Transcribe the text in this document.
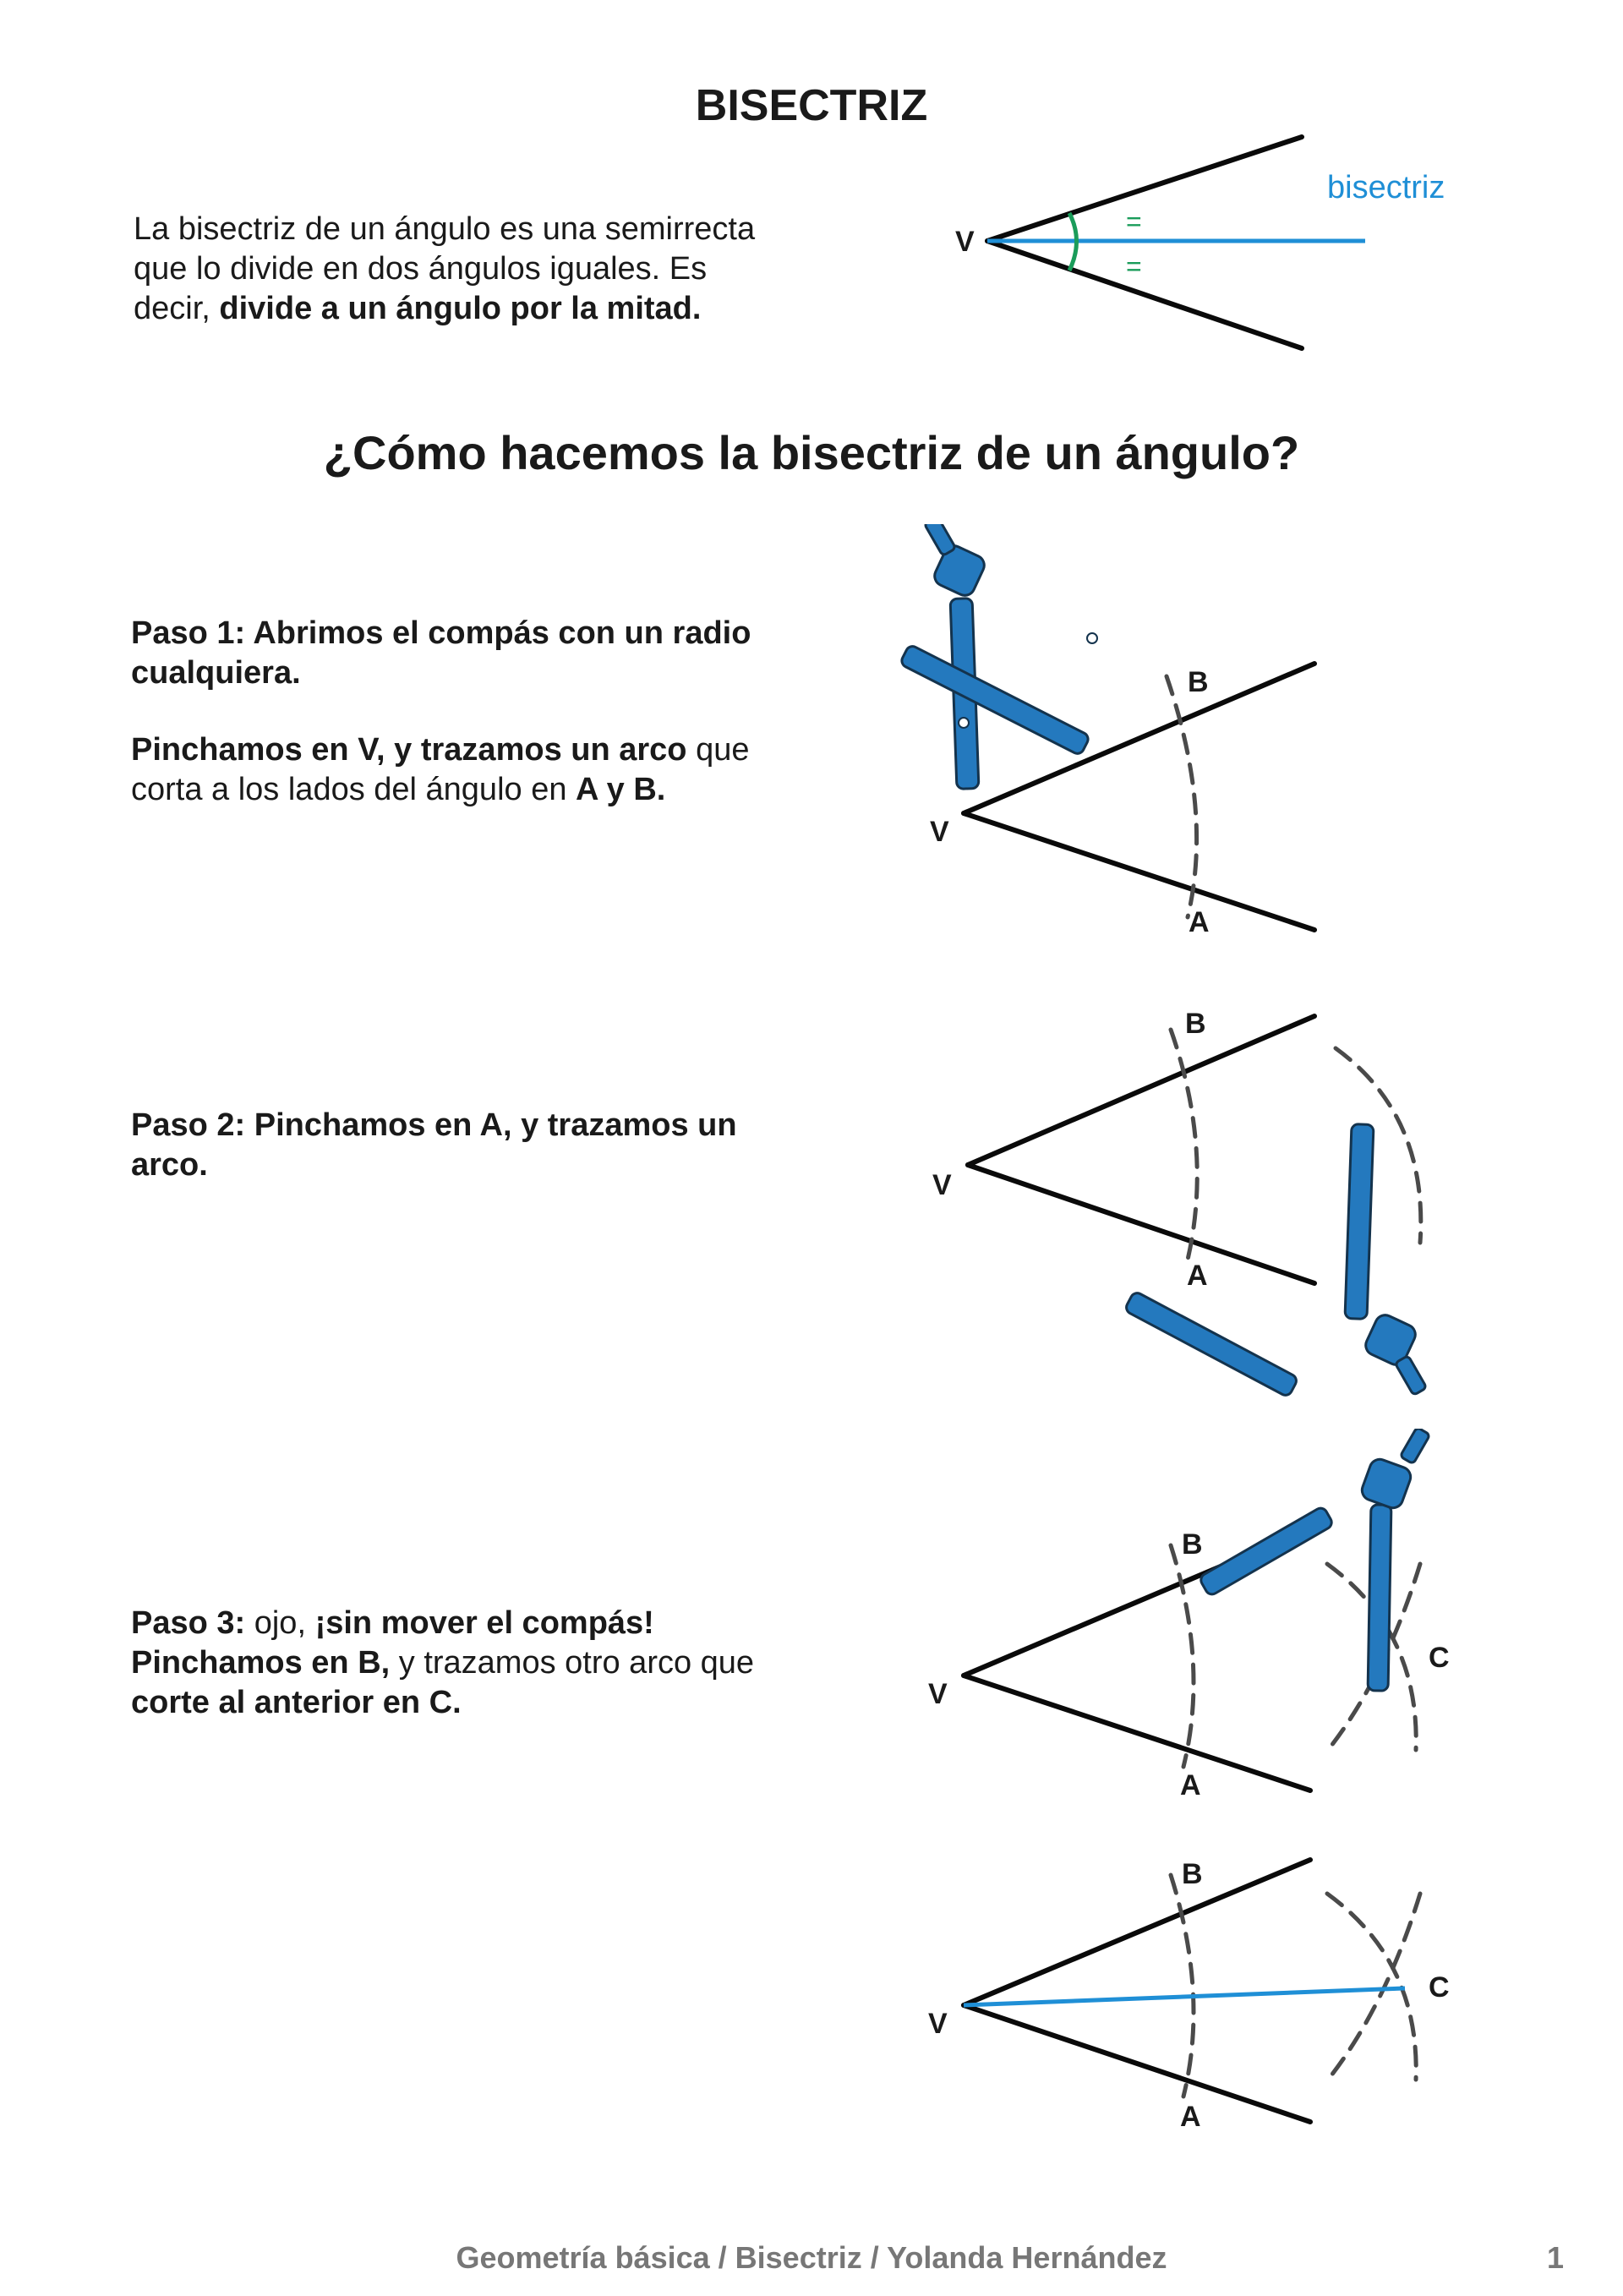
BISECTRIZ
La bisectriz de un ángulo es una semirrecta que lo divide en dos ángulos iguales. Es decir, divide a un ángulo por la mitad.
=
=
V
bisectriz
¿Cómo hacemos la bisectriz de un ángulo?

Paso 1: Abrimos el compás con un radio cualquiera.

Pinchamos en V, y trazamos un arco que corta a los lados del ángulo en A y B.

V
B
A

Paso 2: Pinchamos en A, y trazamos un arco.

V
B
A

Paso 3: ojo, ¡sin mover el compás!
Pinchamos en B, y trazamos otro arco que corte al anterior en C.	V
B
A
C
V
B
A
C
Geometría básica / Bisectriz / Yolanda Hernández	1
